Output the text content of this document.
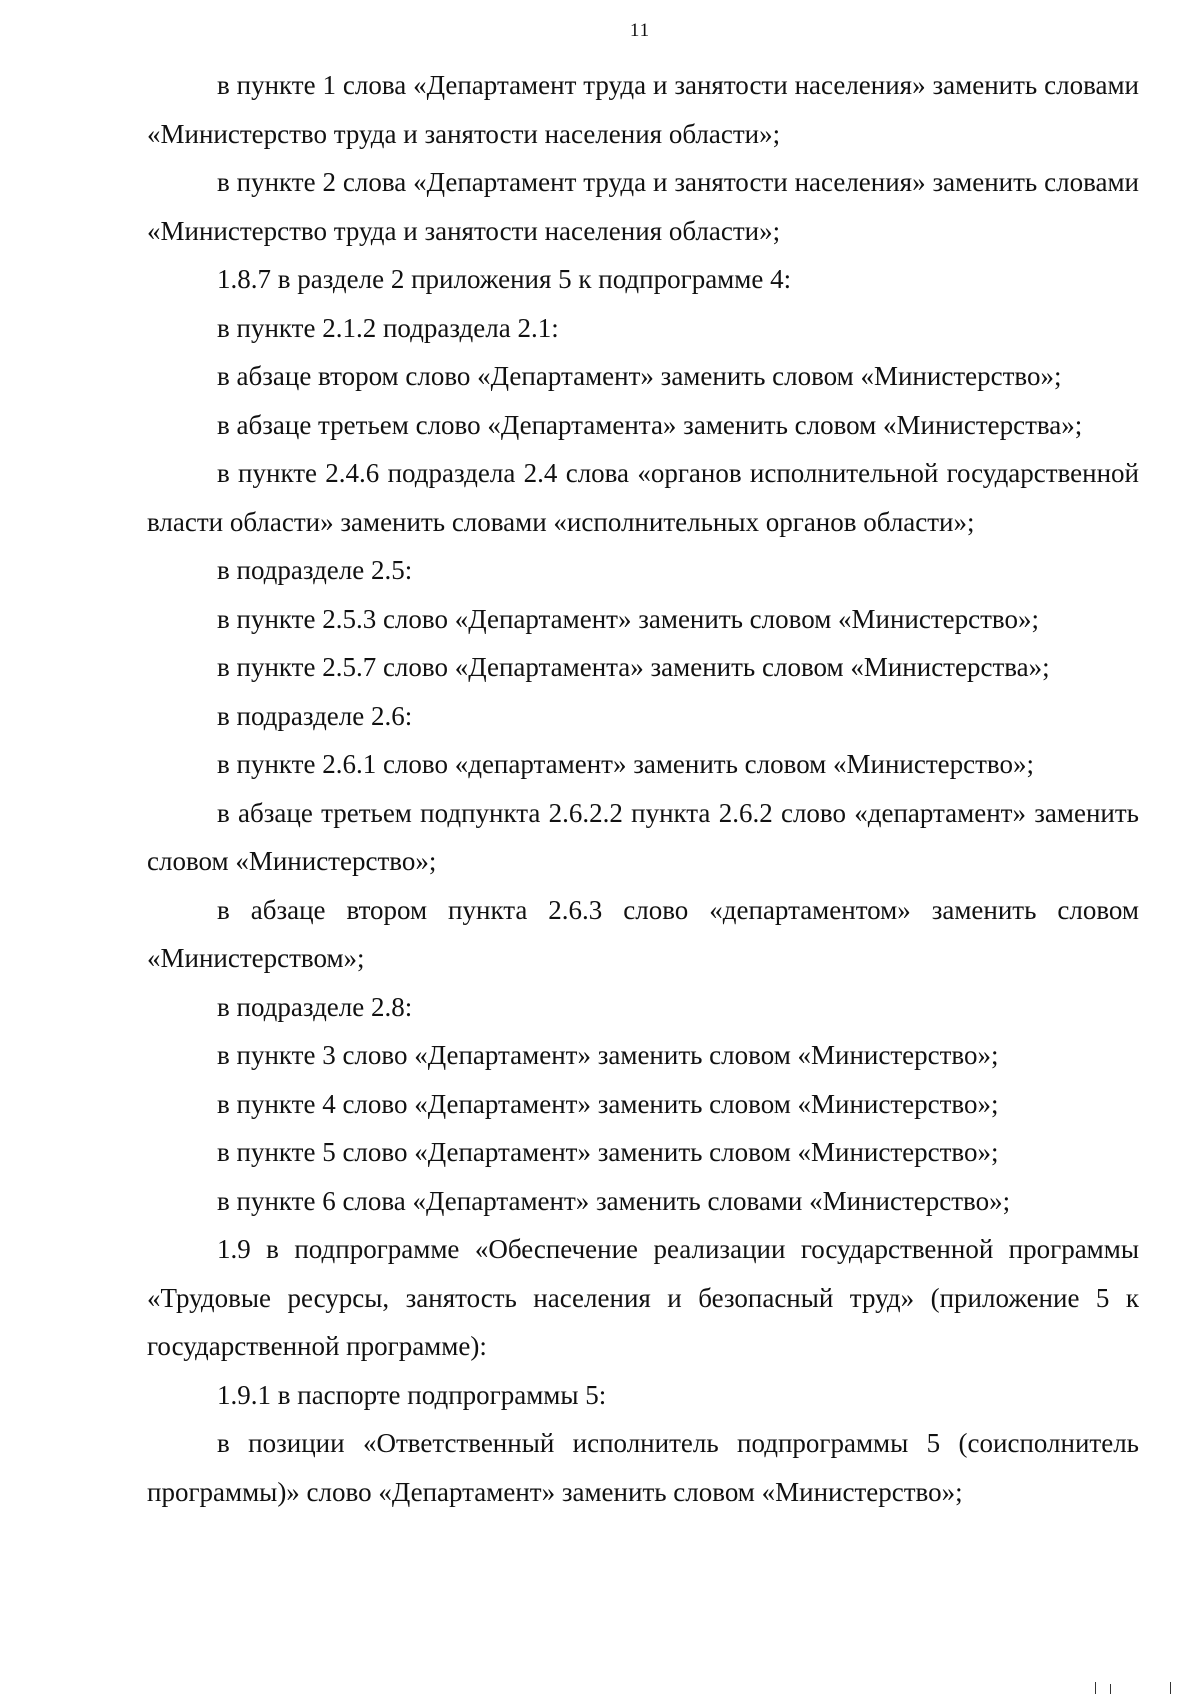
11

в пункте 1 слова «Департамент труда и занятости населения» заменить словами «Министерство труда и занятости населения области»;

в пункте 2 слова «Департамент труда и занятости населения» заменить словами «Министерство труда и занятости населения области»;

1.8.7 в разделе 2 приложения 5 к подпрограмме 4:

в пункте 2.1.2 подраздела 2.1:

в абзаце втором слово «Департамент» заменить словом «Министерство»;

в абзаце третьем слово «Департамента» заменить словом «Министерства»;

в пункте 2.4.6 подраздела 2.4 слова «органов исполнительной государственной власти области» заменить словами «исполнительных органов области»;

в подразделе 2.5:

в пункте 2.5.3 слово «Департамент» заменить словом «Министерство»;

в пункте 2.5.7 слово «Департамента» заменить словом «Министерства»;

в подразделе 2.6:

в пункте 2.6.1 слово «департамент» заменить словом «Министерство»;

в абзаце третьем подпункта 2.6.2.2 пункта 2.6.2 слово «департамент» заменить словом «Министерство»;

в абзаце втором пункта 2.6.3 слово «департаментом» заменить словом «Министерством»;

в подразделе 2.8:

в пункте 3 слово «Департамент» заменить словом «Министерство»;

в пункте 4 слово «Департамент» заменить словом «Министерство»;

в пункте 5 слово «Департамент» заменить словом «Министерство»;

в пункте 6 слова «Департамент» заменить словами «Министерство»;

1.9 в подпрограмме «Обеспечение реализации государственной программы «Трудовые ресурсы, занятость населения и безопасный труд» (приложение 5 к государственной программе):

1.9.1 в паспорте подпрограммы 5:

в позиции «Ответственный исполнитель подпрограммы 5 (соисполнитель программы)» слово «Департамент» заменить словом «Министерство»;
